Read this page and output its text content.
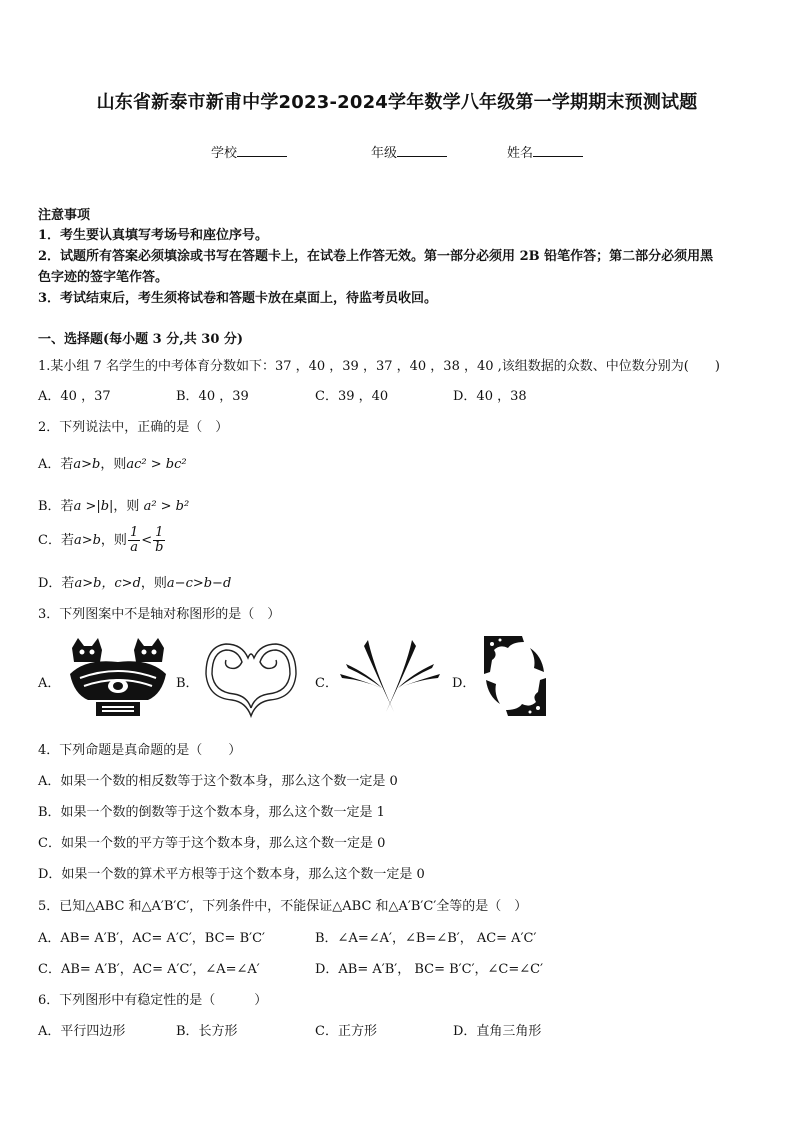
山东省新泰市新甫中学2023-2024学年数学八年级第一学期期末预测试题
学校	年级	姓名
注意事项
1．考生要认真填写考场号和座位序号。
2．试题所有答案必须填涂或书写在答题卡上，在试卷上作答无效。第一部分必须用 2B 铅笔作答；第二部分必须用黑
色字迹的签字笔作答。
3．考试结束后，考生须将试卷和答题卡放在桌面上，待监考员收回。
一、选择题(每小题 3 分,共 30 分)
1.某小组 7 名学生的中考体育分数如下：37 ，40 ，39 ，37 ，40 ，38 ，40 ,该组数据的众数、中位数分别为(　　)
A．40 ，37	B．40 ，39	C．39 ，40	D．40 ，38
2．下列说法中，正确的是（　）
A．若a>b，则ac² > bc²
B．若a >|b|，则 a² > b²
C．若a>b，则 $\frac{1}{a} < \frac{1}{b}$
D．若a>b，c>d，则a−c>b−d
3．下列图案中不是轴对称图形的是（　）
A．	B．	C．	D．
4．下列命题是真命题的是（　　）
A．如果一个数的相反数等于这个数本身，那么这个数一定是 0
B．如果一个数的倒数等于这个数本身，那么这个数一定是 1
C．如果一个数的平方等于这个数本身，那么这个数一定是 0
D．如果一个数的算术平方根等于这个数本身，那么这个数一定是 0
5．已知△ABC 和△A′B′C′，下列条件中，不能保证△ABC 和△A′B′C′全等的是（　）
A．AB= A′B′，AC= A′C′，BC= B′C′	B．∠A=∠A′，∠B=∠B′， AC= A′C′
C．AB= A′B′，AC= A′C′，∠A=∠A′	D．AB= A′B′， BC= B′C′，∠C=∠C′
6．下列图形中有稳定性的是（　　　）
A．平行四边形	B．长方形	C．正方形	D．直角三角形
